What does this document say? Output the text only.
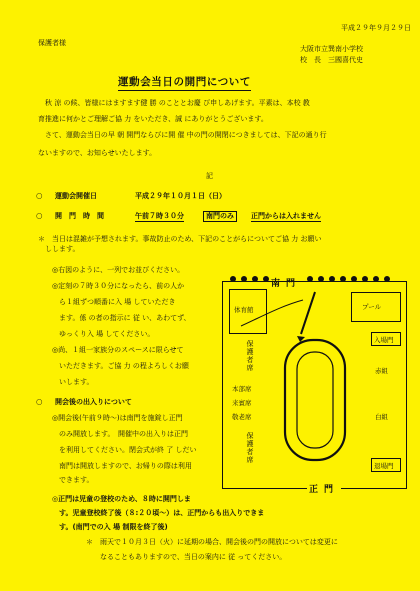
平成２９年９月２９日
保護者様
大阪市立巽南小学校
校　長　三國喜代史
運動会当日の開門について
　秋 涼 の候、皆様にはますます健 勝 のこととお慶 び申しあげます。平素は、本校 教
育推進に何かとご理解ご協 力 をいただき、誠 にありがとうございます。
　さて、運動会当日の早 朝 開門ならびに開 催 中の門の開閉につきましては、下記の通り行
ないますので、お知らせいたします。
記
○ 運動会開催日	平成２９年１０月１日（日）
○ 開　門　時　間	午前７時３０分	南門のみ	正門からは入れません
＊　当日は混雑が予想されます。事故防止のため、下記のことがらについてご協 力 お願い
　しします。
◎右図のように、一列でお並びください。
◎定刻の７時３０分になったら、前の人か
　ら１組ずつ順番に入 場 していただき
　ます。係 の者の指示に 従 い、あわてず、
　ゆっくり入 場 してください。
◎尚、１組一家族分のスペースに限らせて
　いただきます。ご協 力 の程よろしくお願
　いします。
○ 開会後の出入りについて
◎開会後(午前９時～)は南門を施錠し正門
　のみ開放します。　開催中の出入りは正門
　を利用してください。閉会式が終 了 しだい
　南門は開放しますので、お帰りの際は利用
　できます。
◎正門は児童の登校のため、８時に開門しま
　す。児童登校終了後（８:２０頃～）は、正門からも出入りできま
　す。(南門での入 場 制限を終了後)
＊　雨天で１０月３日（火）に延期の場合、開会後の門の開放については変更に
　　なることもありますので、当日の案内に 従 ってください。
南門
体育館	プール
保護者席
本部席
来賓席
敬老席
保護者席
入場門
赤組
白組
退場門
正門
